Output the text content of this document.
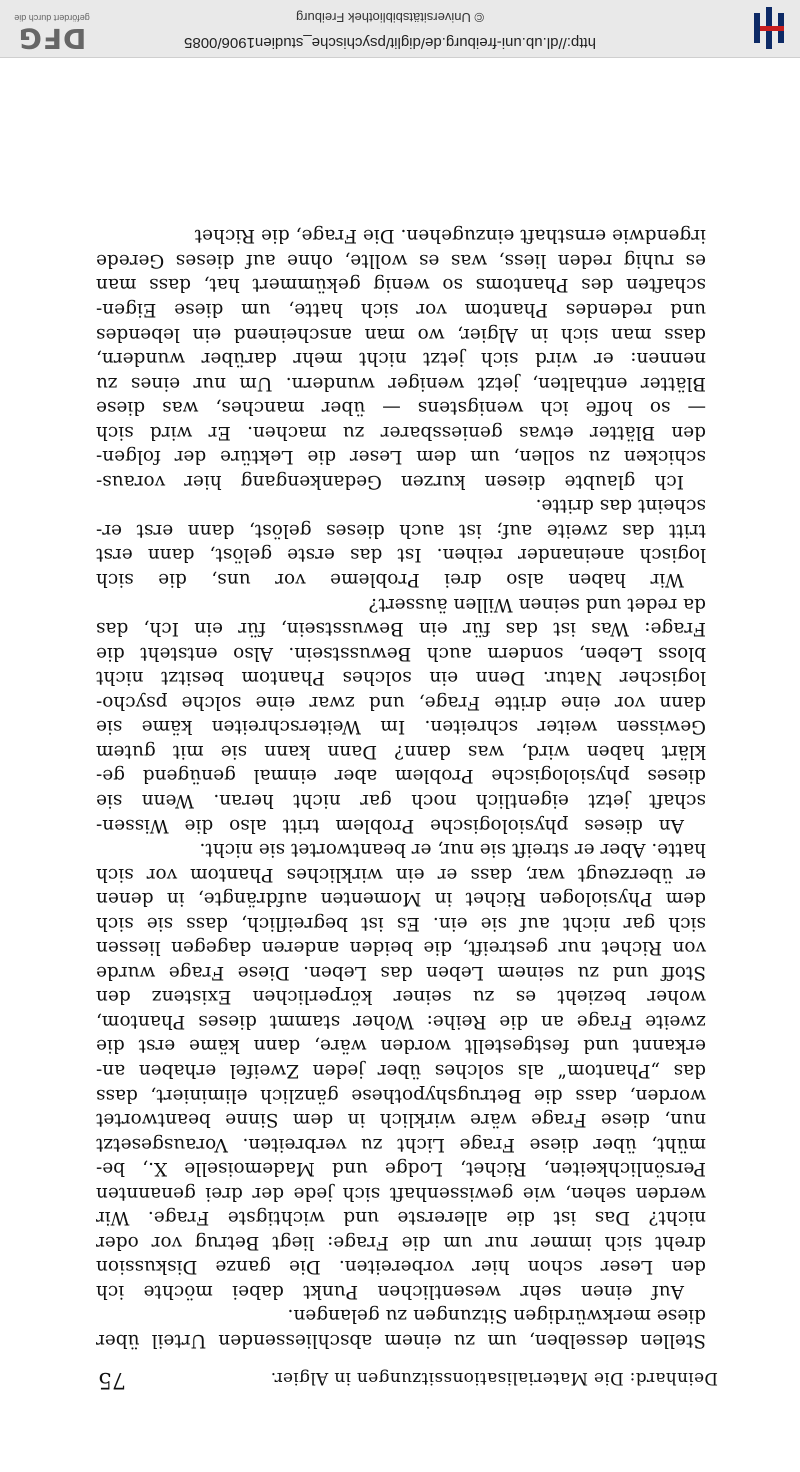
Deinhard: Die Materialisationssitzungen in Algier.
75
Stellen desselben, um zu einem abschliessenden Urteil über
diese merkwürdigen Sitzungen zu gelangen.
Auf einen sehr wesentlichen Punkt dabei möchte ich
den Leser schon hier vorbereiten. Die ganze Diskussion
dreht sich immer nur um die Frage: liegt Betrug vor oder
nicht? Das ist die allererste und wichtigste Frage. Wir
werden sehen, wie gewissenhaft sich jede der drei genannten
Persönlichkeiten, Richet, Lodge und Mademoiselle X., be-
müht, über diese Frage Licht zu verbreiten. Vorausgesetzt
nun, diese Frage wäre wirklich in dem Sinne beantwortet
worden, dass die Betrugshypothese gänzlich eliminiert, dass
das „Phantom“ als solches über jeden Zweifel erhaben an-
erkannt und festgestellt worden wäre, dann käme erst die
zweite Frage an die Reihe: Woher stammt dieses Phantom,
woher bezieht es zu seiner körperlichen Existenz den
Stoff und zu seinem Leben das Leben. Diese Frage wurde
von Richet nur gestreift, die beiden anderen dagegen liessen
sich gar nicht auf sie ein. Es ist begreiflich, dass sie sich
dem Physiologen Richet in Momenten aufdrängte, in denen
er überzeugt war, dass er ein wirkliches Phantom vor sich
hatte. Aber er streift sie nur, er beantwortet sie nicht.
An dieses physiologische Problem tritt also die Wissen-
schaft jetzt eigentlich noch gar nicht heran. Wenn sie
dieses physiologische Problem aber einmal genügend ge-
klärt haben wird, was dann? Dann kann sie mit gutem
Gewissen weiter schreiten. Im Weiterschreiten käme sie
dann vor eine dritte Frage, und zwar eine solche psycho-
logischer Natur. Denn ein solches Phantom besitzt nicht
bloss Leben, sondern auch Bewusstsein. Also entsteht die
Frage: Was ist das für ein Bewusstsein, für ein Ich, das
da redet und seinen Willen äussert?
Wir haben also drei Probleme vor uns, die sich
logisch aneinander reihen. Ist das erste gelöst, dann erst
tritt das zweite auf; ist auch dieses gelöst, dann erst er-
scheint das dritte.
Ich glaubte diesen kurzen Gedankengang hier voraus-
schicken zu sollen, um dem Leser die Lektüre der folgen-
den Blätter etwas geniessbarer zu machen. Er wird sich
— so hoffe ich wenigstens — über manches, was diese
Blätter enthalten, jetzt weniger wundern. Um nur eines zu
nennen: er wird sich jetzt nicht mehr darüber wundern,
dass man sich in Algier, wo man anscheinend ein lebendes
und redendes Phantom vor sich hatte, um diese Eigen-
schaften des Phantoms so wenig gekümmert hat, dass man
es ruhig reden liess, was es wollte, ohne auf dieses Gerede
irgendwie ernsthaft einzugehen. Die Frage, die Richet
http://dl.ub.uni-freiburg.de/diglit/psychische_studien1906/0085
© Universitätsbibliothek Freiburg
DFG
gefördert durch die
